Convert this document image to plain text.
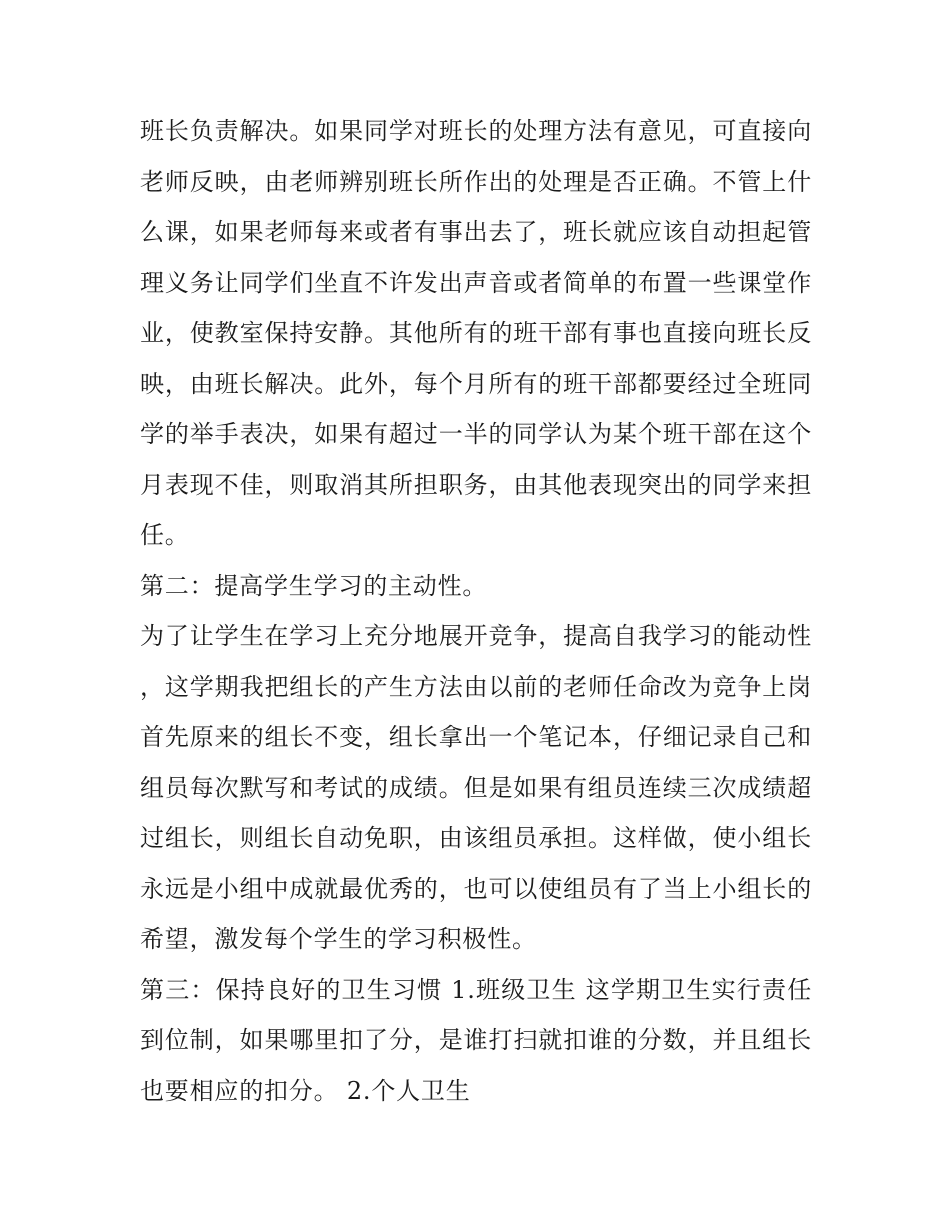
班长负责解决。如果同学对班长的处理方法有意见，可直接向老师反映，由老师辨别班长所作出的处理是否正确。不管上什么课，如果老师每来或者有事出去了，班长就应该自动担起管理义务让同学们坐直不许发出声音或者简单的布置一些课堂作业，使教室保持安静。其他所有的班干部有事也直接向班长反映，由班长解决。此外，每个月所有的班干部都要经过全班同学的举手表决，如果有超过一半的同学认为某个班干部在这个月表现不佳，则取消其所担职务，由其他表现突出的同学来担任。

第二：提高学生学习的主动性。

为了让学生在学习上充分地展开竞争，提高自我学习的能动性，这学期我把组长的产生方法由以前的老师任命改为竞争上岗首先原来的组长不变，组长拿出一个笔记本，仔细记录自己和组员每次默写和考试的成绩。但是如果有组员连续三次成绩超过组长，则组长自动免职，由该组员承担。这样做，使小组长永远是小组中成就最优秀的，也可以使组员有了当上小组长的希望，激发每个学生的学习积极性。

第三：保持良好的卫生习惯 1.班级卫生 这学期卫生实行责任到位制，如果哪里扣了分，是谁打扫就扣谁的分数，并且组长也要相应的扣分。 2.个人卫生
